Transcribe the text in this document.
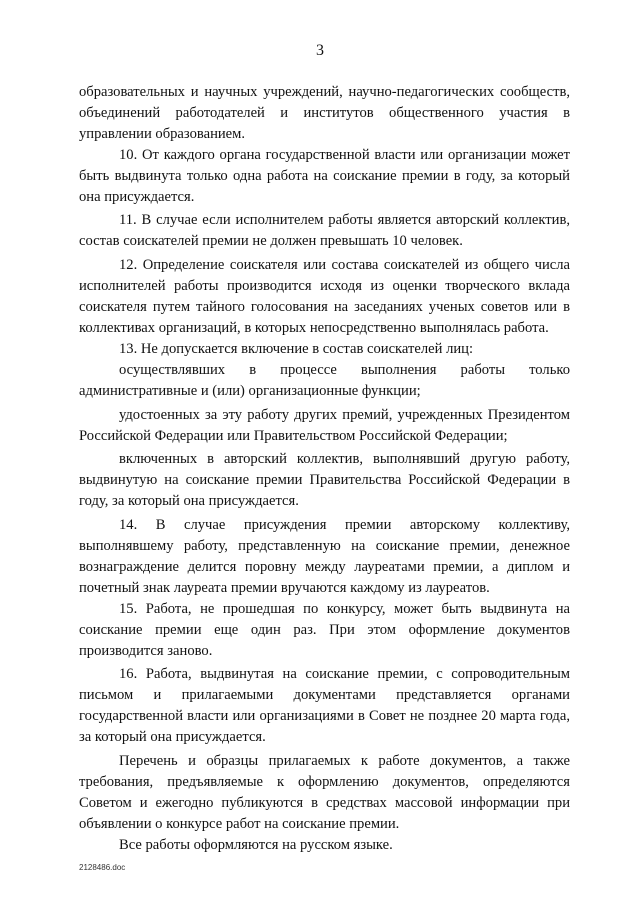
3

образовательных и научных учреждений, научно-педагогических сообществ, объединений работодателей и институтов общественного участия в управлении образованием.

10. От каждого органа государственной власти или организации может быть выдвинута только одна работа на соискание премии в году, за который она присуждается.

11. В случае если исполнителем работы является авторский коллектив, состав соискателей премии не должен превышать 10 человек.

12. Определение соискателя или состава соискателей из общего числа исполнителей работы производится исходя из оценки творческого вклада соискателя путем тайного голосования на заседаниях ученых советов или в коллективах организаций, в которых непосредственно выполнялась работа.

13. Не допускается включение в состав соискателей лиц:

осуществлявших в процессе выполнения работы только административные и (или) организационные функции;

удостоенных за эту работу других премий, учрежденных Президентом Российской Федерации или Правительством Российской Федерации;

включенных в авторский коллектив, выполнявший другую работу, выдвинутую на соискание премии Правительства Российской Федерации в году, за который она присуждается.

14. В случае присуждения премии авторскому коллективу, выполнявшему работу, представленную на соискание премии, денежное вознаграждение делится поровну между лауреатами премии, а диплом и почетный знак лауреата премии вручаются каждому из лауреатов.

15. Работа, не прошедшая по конкурсу, может быть выдвинута на соискание премии еще один раз. При этом оформление документов производится заново.

16. Работа, выдвинутая на соискание премии, с сопроводительным письмом и прилагаемыми документами представляется органами государственной власти или организациями в Совет не позднее 20 марта года, за который она присуждается.

Перечень и образцы прилагаемых к работе документов, а также требования, предъявляемые к оформлению документов, определяются Советом и ежегодно публикуются в средствах массовой информации при объявлении о конкурсе работ на соискание премии.

Все работы оформляются на русском языке.

2128486.doc
